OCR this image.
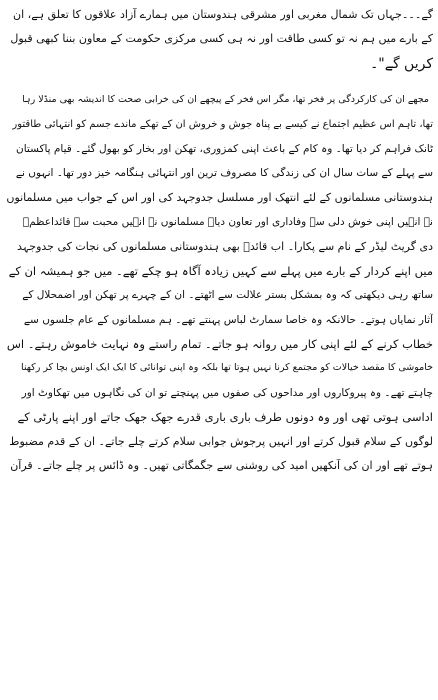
گے۔۔۔جہاں تک شمال مغربی اور مشرقی ہندوستان میں ہمارے آزاد علاقوں کا تعلق ہے، ان
کے بارے میں ہم نہ تو کسی طاقت اور نہ ہی کسی مرکزی حکومت کے معاون بننا کبھی قبول
کریں گے"۔
مجھے ان کی کارکردگی پر فخر تھا، مگر اس فخر کے پیچھے ان کی خرابی صحت کا اندیشہ بھی منڈلا رہا
تھا، تاہم اس عظیم اجتماع نے کیسے بے پناہ جوش و خروش ان کے تھکے ماندے جسم کو انتہائی طاقتور
ٹانک فراہم کر دیا تھا۔ وہ کام کے باعث اپنی کمزوری، تھکن اور بخار کو بھول گئے۔ قیام پاکستان
سے پہلے کے سات سال ان کی زندگی کا مصروف ترین اور انتہائی ہنگامہ خیز دور تھا۔ انہوں نے
ہندوستانی مسلمانوں کے لئے انتھک اور مسلسل جدوجہد کی اور اس کے جواب میں مسلمانوں
نے انہیں اپنی خوش دلی سے وفاداری اور تعاون دیا۔ مسلمانوں نے انہیں محبت سے قائداعظمؒ
دی گریٹ لیڈر کے نام سے پکارا۔ اب قائدؒ بھی ہندوستانی مسلمانوں کی نجات کی جدوجہد
میں اپنے کردار کے بارے میں پہلے سے کہیں زیادہ آگاہ ہو چکے تھے۔ میں جو ہمیشہ ان کے
ساتھ رہی دیکھتی کہ وہ بمشکل بستر علالت سے اٹھتے۔ ان کے چہرے پر تھکن اور اضمحلال کے
آثار نمایاں ہوتے۔ حالانکہ وہ خاصا سمارٹ لباس پہنتے تھے۔ ہم مسلمانوں کے عام جلسوں سے
خطاب کرنے کے لئے اپنی کار میں روانہ ہو جاتے۔ تمام راستے وہ نہایت خاموش رہتے۔ اس
خاموشی کا مقصد خیالات کو مجتمع کرنا نہیں ہوتا تھا بلکہ وہ اپنی توانائی کا ایک ایک اونس بچا کر رکھنا
چاہتے تھے۔ وہ پیروکاروں اور مداحوں کی صفوں میں پہنچتے تو ان کی نگاہوں میں تھکاوٹ اور
اداسی ہوتی تھی اور وہ دونوں طرف باری باری قدرے جھک جھک جاتے اور اپنے پارٹی کے
لوگوں کے سلام قبول کرتے اور انہیں پرجوش جوابی سلام کرتے چلے جاتے۔ ان کے قدم مضبوط
ہوتے تھے اور ان کی آنکھیں امید کی روشنی سے جگمگاتی تھیں۔ وہ ڈائس پر چلے جاتے۔ قرآن
